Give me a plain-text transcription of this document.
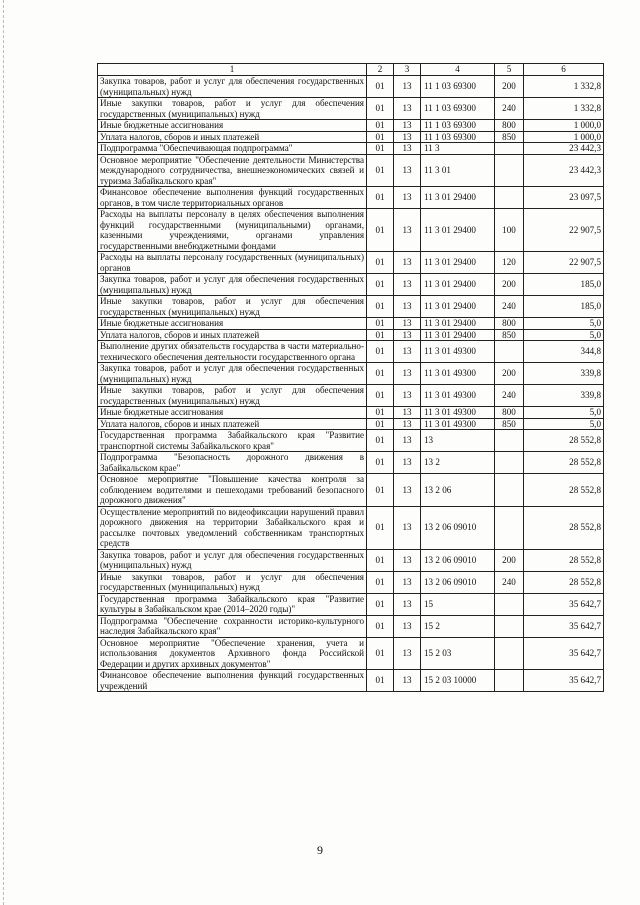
1	2	3	4	5	6
Закупка товаров, работ и услуг для обеспечения государственных (муниципальных) нужд	01	13	11 1 03 69300	200	1 332,8
Иные закупки товаров, работ и услуг для обеспечения государственных (муниципальных) нужд	01	13	11 1 03 69300	240	1 332,8
Иные бюджетные ассигнования	01	13	11 1 03 69300	800	1 000,0
Уплата налогов, сборов и иных платежей	01	13	11 1 03 69300	850	1 000,0
Подпрограмма "Обеспечивающая подпрограмма"	01	13	11 3		23 442,3
Основное мероприятие "Обеспечение деятельности Министерства международного сотрудничества, внешнеэкономических связей и туризма Забайкальского края"	01	13	11 3 01		23 442,3
Финансовое обеспечение выполнения функций государственных органов, в том числе территориальных органов	01	13	11 3 01 29400		23 097,5
Расходы на выплаты персоналу в целях обеспечения выполнения функций государственными (муниципальными) органами, казенными учреждениями, органами управления государственными внебюджетными фондами	01	13	11 3 01 29400	100	22 907,5
Расходы на выплаты персоналу государственных (муниципальных) органов	01	13	11 3 01 29400	120	22 907,5
Закупка товаров, работ и услуг для обеспечения государственных (муниципальных) нужд	01	13	11 3 01 29400	200	185,0
Иные закупки товаров, работ и услуг для обеспечения государственных (муниципальных) нужд	01	13	11 3 01 29400	240	185,0
Иные бюджетные ассигнования	01	13	11 3 01 29400	800	5,0
Уплата налогов, сборов и иных платежей	01	13	11 3 01 29400	850	5,0
Выполнение других обязательств государства в части материально-технического обеспечения деятельности государственного органа	01	13	11 3 01 49300		344,8
Закупка товаров, работ и услуг для обеспечения государственных (муниципальных) нужд	01	13	11 3 01 49300	200	339,8
Иные закупки товаров, работ и услуг для обеспечения государственных (муниципальных) нужд	01	13	11 3 01 49300	240	339,8
Иные бюджетные ассигнования	01	13	11 3 01 49300	800	5,0
Уплата налогов, сборов и иных платежей	01	13	11 3 01 49300	850	5,0
Государственная программа Забайкальского края "Развитие транспортной системы Забайкальского края"	01	13	13		28 552,8
Подпрограмма "Безопасность дорожного движения в Забайкальском крае"	01	13	13 2		28 552,8
Основное мероприятие "Повышение качества контроля за соблюдением водителями и пешеходами требований безопасного дорожного движения"	01	13	13 2 06		28 552,8
Осуществление мероприятий по видеофиксации нарушений правил дорожного движения на территории Забайкальского края и рассылке почтовых уведомлений собственникам транспортных средств	01	13	13 2 06 09010		28 552,8
Закупка товаров, работ и услуг для обеспечения государственных (муниципальных) нужд	01	13	13 2 06 09010	200	28 552,8
Иные закупки товаров, работ и услуг для обеспечения государственных (муниципальных) нужд	01	13	13 2 06 09010	240	28 552,8
Государственная программа Забайкальского края "Развитие культуры в Забайкальском крае (2014–2020 годы)"	01	13	15		35 642,7
Подпрограмма "Обеспечение сохранности историко-культурного наследия Забайкальского края"	01	13	15 2		35 642,7
Основное мероприятие "Обеспечение хранения, учета и использования документов Архивного фонда Российской Федерации и других архивных документов"	01	13	15 2 03		35 642,7
Финансовое обеспечение выполнения функций государственных учреждений	01	13	15 2 03 10000		35 642,7
9
